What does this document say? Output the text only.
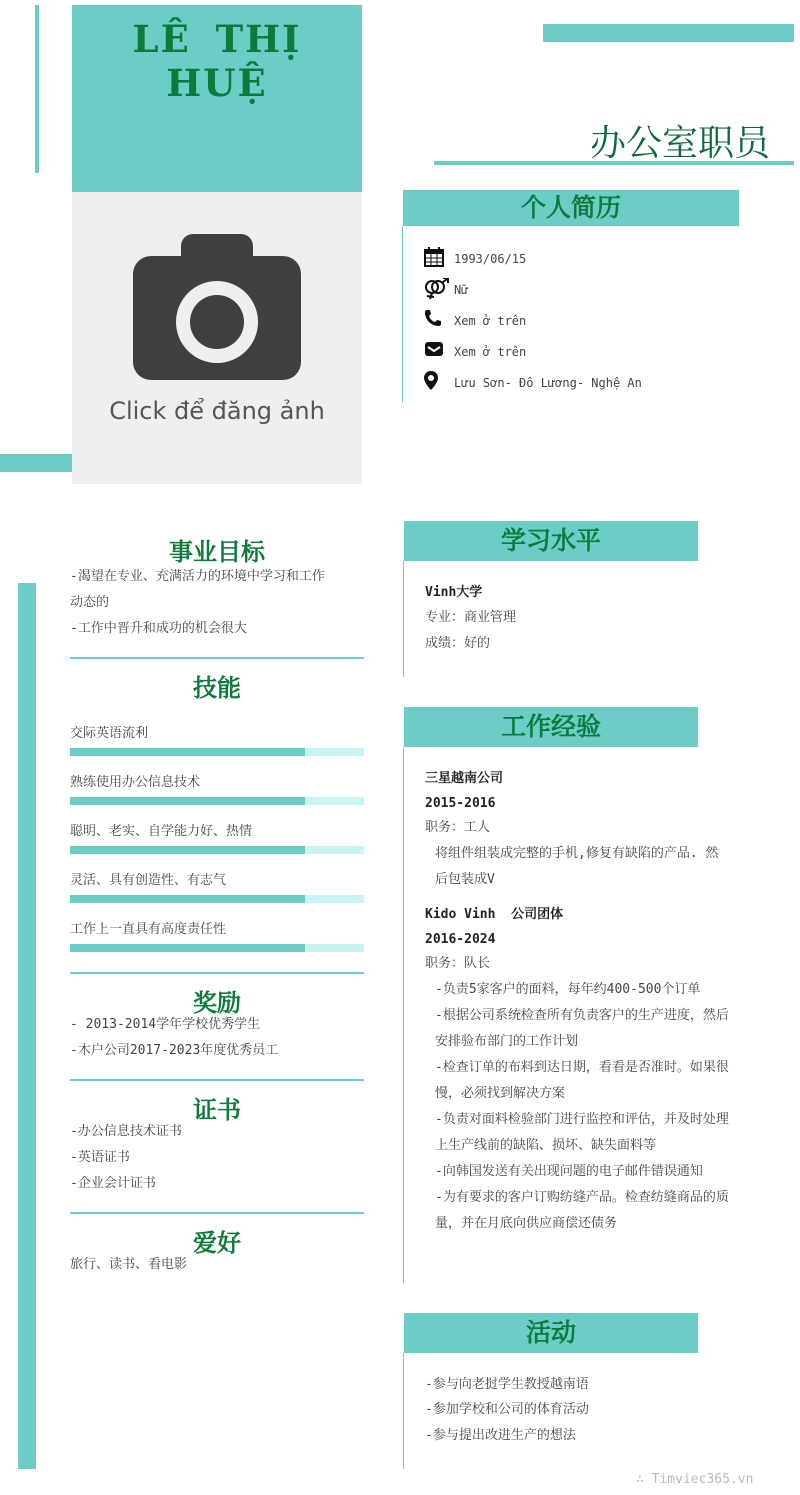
LÊ THỊ HUỆ
Click để đăng ảnh
办公室职员
个人简历
1993/06/15
Nữ
Xem ở trên
Xem ở trên
Lưu Sơn- Đô Lương- Nghệ An
事业目标
-渴望在专业、充满活力的环境中学习和工作
动态的
-工作中晋升和成功的机会很大
技能
交际英语流利
熟练使用办公信息技术
聪明、老实、自学能力好、热情
灵活、具有创造性、有志气
工作上一直具有高度责任性
奖励
- 2013-2014学年学校优秀学生
-木户公司2017-2023年度优秀员工
证书
-办公信息技术证书
-英语证书
-企业会计证书
爱好
旅行、读书、看电影
学习水平
Vinh大学
专业：商业管理
成绩：好的
工作经验
三星越南公司
2015-2016
职务：工人
将组件组装成完整的手机,修复有缺陷的产品. 然
后包装成V
Kido Vinh  公司团体
2016-2024
职务：队长
-负责5家客户的面料，每年约400-500个订单
-根据公司系统检查所有负责客户的生产进度，然后
安排验布部门的工作计划
-检查订单的布料到达日期，看看是否准时。如果很
慢，必须找到解决方案
-负责对面料检验部门进行监控和评估，并及时处理
上生产线前的缺陷、损坏、缺失面料等
-向韩国发送有关出现问题的电子邮件错误通知
-为有要求的客户订购纺缝产品。检查纺缝商品的质
量，并在月底向供应商偿还债务
活动
-参与向老挝学生教授越南语
-参加学校和公司的体育活动
-参与提出改进生产的想法
∴ Timviec365.vn
